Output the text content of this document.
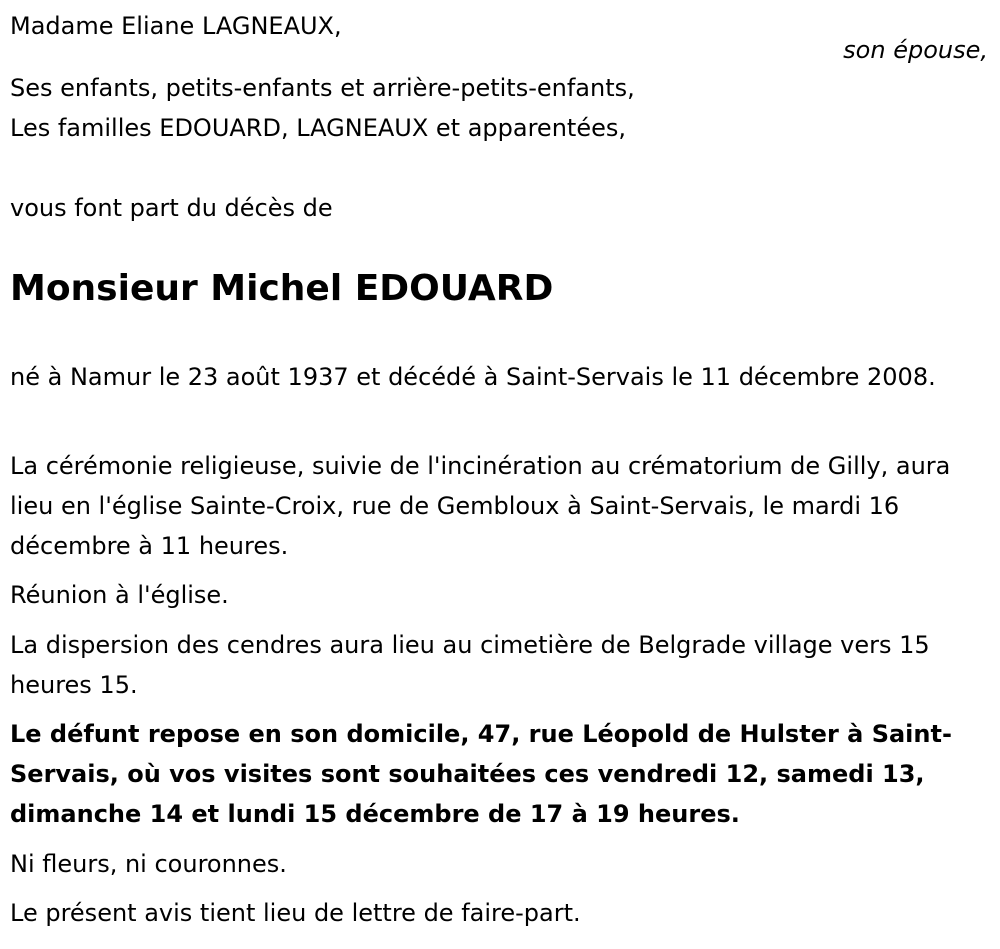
Madame Eliane LAGNEAUX,

son épouse,

Ses enfants, petits-enfants et arrière-petits-enfants,

Les familles EDOUARD, LAGNEAUX et apparentées,

vous font part du décès de

Monsieur Michel EDOUARD

né à Namur le 23 août 1937 et décédé à Saint-Servais le 11 décembre 2008.

La cérémonie religieuse, suivie de l'incinération au crématorium de Gilly, aura lieu en l'église Sainte-Croix, rue de Gembloux à Saint-Servais, le mardi 16 décembre à 11 heures.

Réunion à l'église.

La dispersion des cendres aura lieu au cimetière de Belgrade village vers 15 heures 15.

Le défunt repose en son domicile, 47, rue Léopold de Hulster à Saint-Servais, où vos visites sont souhaitées ces vendredi 12, samedi 13, dimanche 14 et lundi 15 décembre de 17 à 19 heures.

Ni fleurs, ni couronnes.

Le présent avis tient lieu de lettre de faire-part.
